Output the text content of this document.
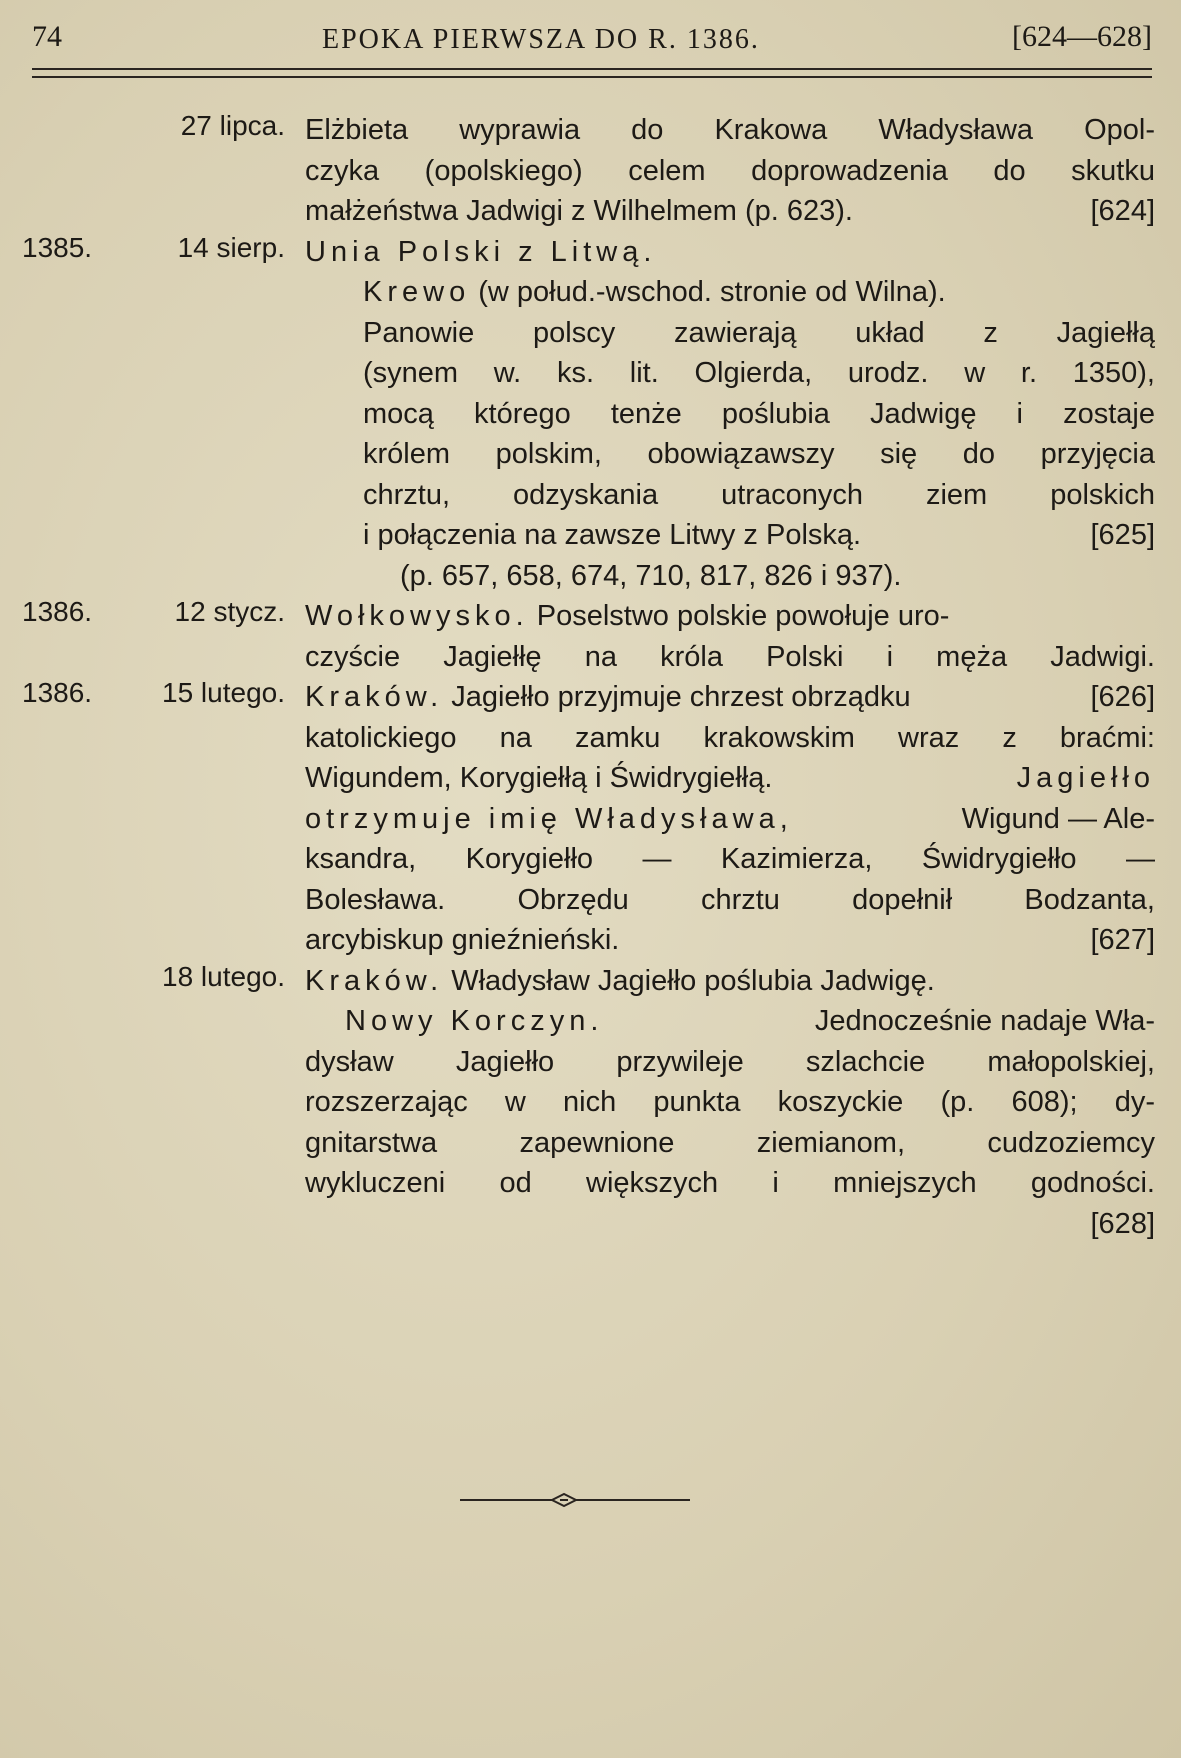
74	EPOKA PIERWSZA DO R. 1386.	[624—628]
27 lipca. Elżbieta wyprawia do Krakowa Władysława Opol-
czyka (opolskiego) celem doprowadzenia do skutku
małżeństwa Jadwigi z Wilhelmem (p. 623).	[624]
1385.	14 sierp. Unia Polski z Litwą.
Krewo (w połud.-wschod. stronie od Wilna).
Panowie polscy zawierają układ z Jagiełłą
(synem w. ks. lit. Olgierda, urodz. w r. 1350),
mocą którego tenże poślubia Jadwigę i zostaje
królem polskim, obowiązawszy się do przyjęcia
chrztu, odzyskania utraconych ziem polskich
i połączenia na zawsze Litwy z Polską.	[625]
(p. 657, 658, 674, 710, 817, 826 i 937).
1386.	12 stycz. Wołkowysko. Poselstwo polskie powołuje uro-
czyście Jagiełłę na króla Polski i męża Jadwigi.
[626]
1386. 15 lutego. Kraków. Jagiełło przyjmuje chrzest obrządku
katolickiego na zamku krakowskim wraz z braćmi:
Wigundem, Korygiełłą i Świdrygiełłą.	Jagiełło
otrzymuje imię Władysława,	Wigund — Ale-
ksandra, Korygiełło — Kazimierza, Świdrygiełło —
Bolesława. Obrzędu chrztu dopełnił Bodzanta,
arcybiskup gnieźnieński.	[627]
18 lutego. Kraków. Władysław Jagiełło poślubia Jadwigę.
Nowy Korczyn.	Jednocześnie nadaje Wła-
dysław Jagiełło przywileje szlachcie małopolskiej,
rozszerzając w nich punkta koszyckie (p. 608); dy-
gnitarstwa zapewnione ziemianom, cudzoziemcy
wykluczeni od większych i mniejszych godności.
[628]
